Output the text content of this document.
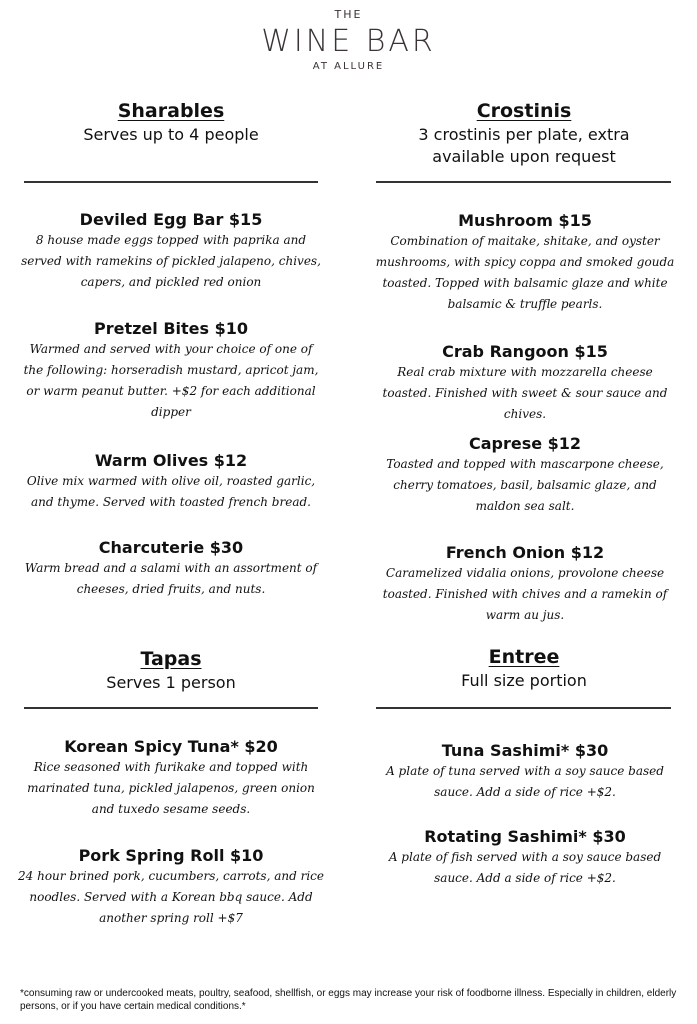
THE
WINE BAR
AT ALLURE
Sharables
Serves up to 4 people
Crostinis
3 crostinis per plate, extra available upon request
Deviled Egg Bar $15
8 house made eggs topped with paprika and served with ramekins of pickled jalapeno, chives, capers, and pickled red onion
Pretzel Bites $10
Warmed and served with your choice of one of the following: horseradish mustard, apricot jam, or warm peanut butter. +$2 for each additional dipper
Warm Olives $12
Olive mix warmed with olive oil, roasted garlic, and thyme. Served with toasted french bread.
Charcuterie $30
Warm bread and a salami with an assortment of cheeses, dried fruits, and nuts.
Mushroom $15
Combination of maitake, shitake, and oyster mushrooms, with spicy coppa and smoked gouda toasted. Topped with balsamic glaze and white balsamic & truffle pearls.
Crab Rangoon $15
Real crab mixture with mozzarella cheese toasted. Finished with sweet & sour sauce and chives.
Caprese $12
Toasted and topped with mascarpone cheese, cherry tomatoes, basil, balsamic glaze, and maldon sea salt.
French Onion $12
Caramelized vidalia onions, provolone cheese toasted. Finished with chives and a ramekin of warm au jus.
Tapas
Serves 1 person
Entree
Full size portion
Korean Spicy Tuna* $20
Rice seasoned with furikake and topped with marinated tuna, pickled jalapenos, green onion and tuxedo sesame seeds.
Pork Spring Roll $10
24 hour brined pork, cucumbers, carrots, and rice noodles. Served with a Korean bbq sauce. Add another spring roll +$7
Tuna Sashimi* $30
A plate of tuna served with a soy sauce based sauce. Add a side of rice +$2.
Rotating Sashimi* $30
A plate of fish served with a soy sauce based sauce. Add a side of rice +$2.
*consuming raw or undercooked meats, poultry, seafood, shellfish, or eggs may increase your risk of foodborne illness. Especially in children, elderly persons, or if you have certain medical conditions.*
